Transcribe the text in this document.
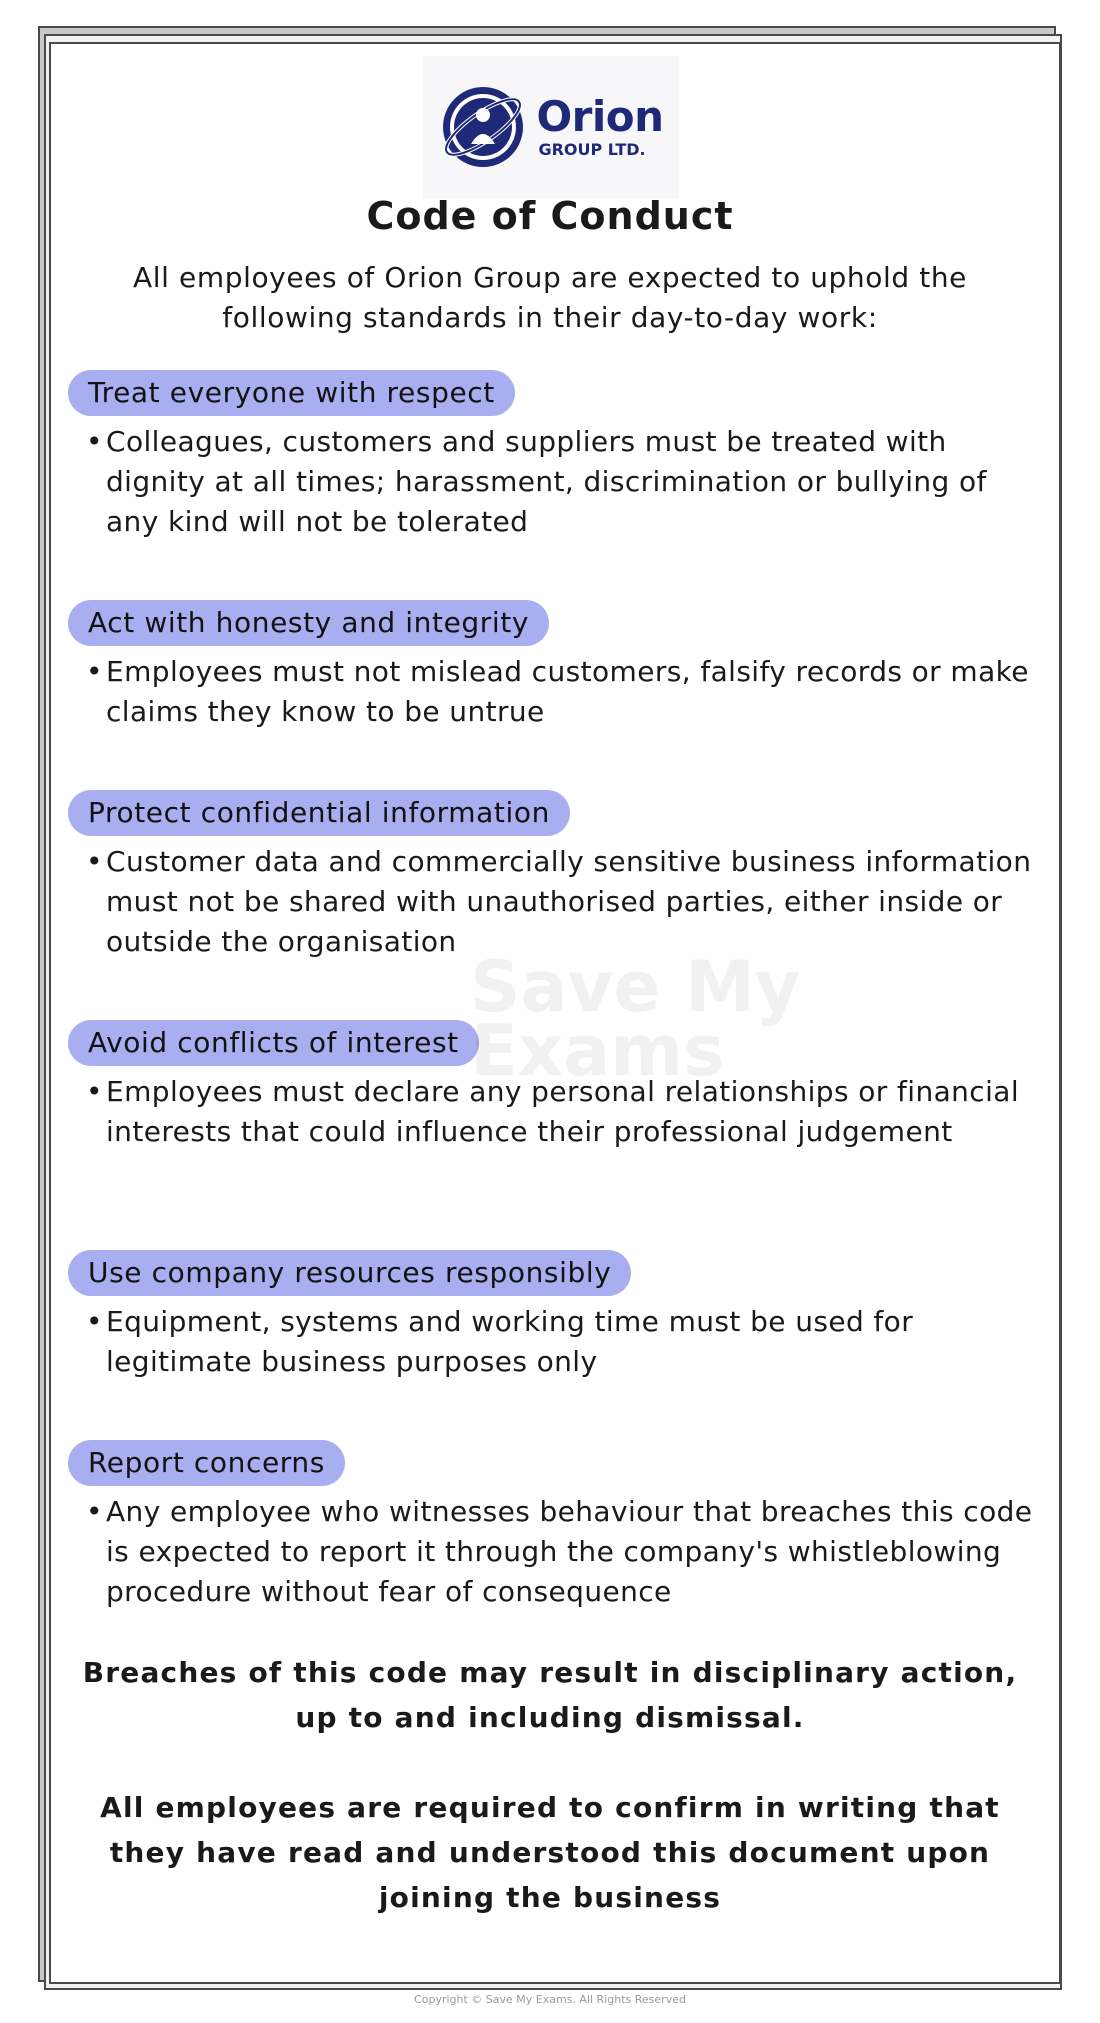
Orion
GROUP LTD.
Code of Conduct
All employees of Orion Group are expected to uphold the following standards in their day-to-day work:
Treat everyone with respect
• Colleagues, customers and suppliers must be treated with dignity at all times; harassment, discrimination or bullying of any kind will not be tolerated
Act with honesty and integrity
• Employees must not mislead customers, falsify records or make claims they know to be untrue
Protect confidential information
• Customer data and commercially sensitive business information must not be shared with unauthorised parties, either inside or outside the organisation
Avoid conflicts of interest
• Employees must declare any personal relationships or financial interests that could influence their professional judgement
Use company resources responsibly
• Equipment, systems and working time must be used for legitimate business purposes only
Report concerns
• Any employee who witnesses behaviour that breaches this code is expected to report it through the company's whistleblowing procedure without fear of consequence
Breaches of this code may result in disciplinary action, up to and including dismissal.
All employees are required to confirm in writing that they have read and understood this document upon joining the business
Save My
Exams
Copyright © Save My Exams. All Rights Reserved
